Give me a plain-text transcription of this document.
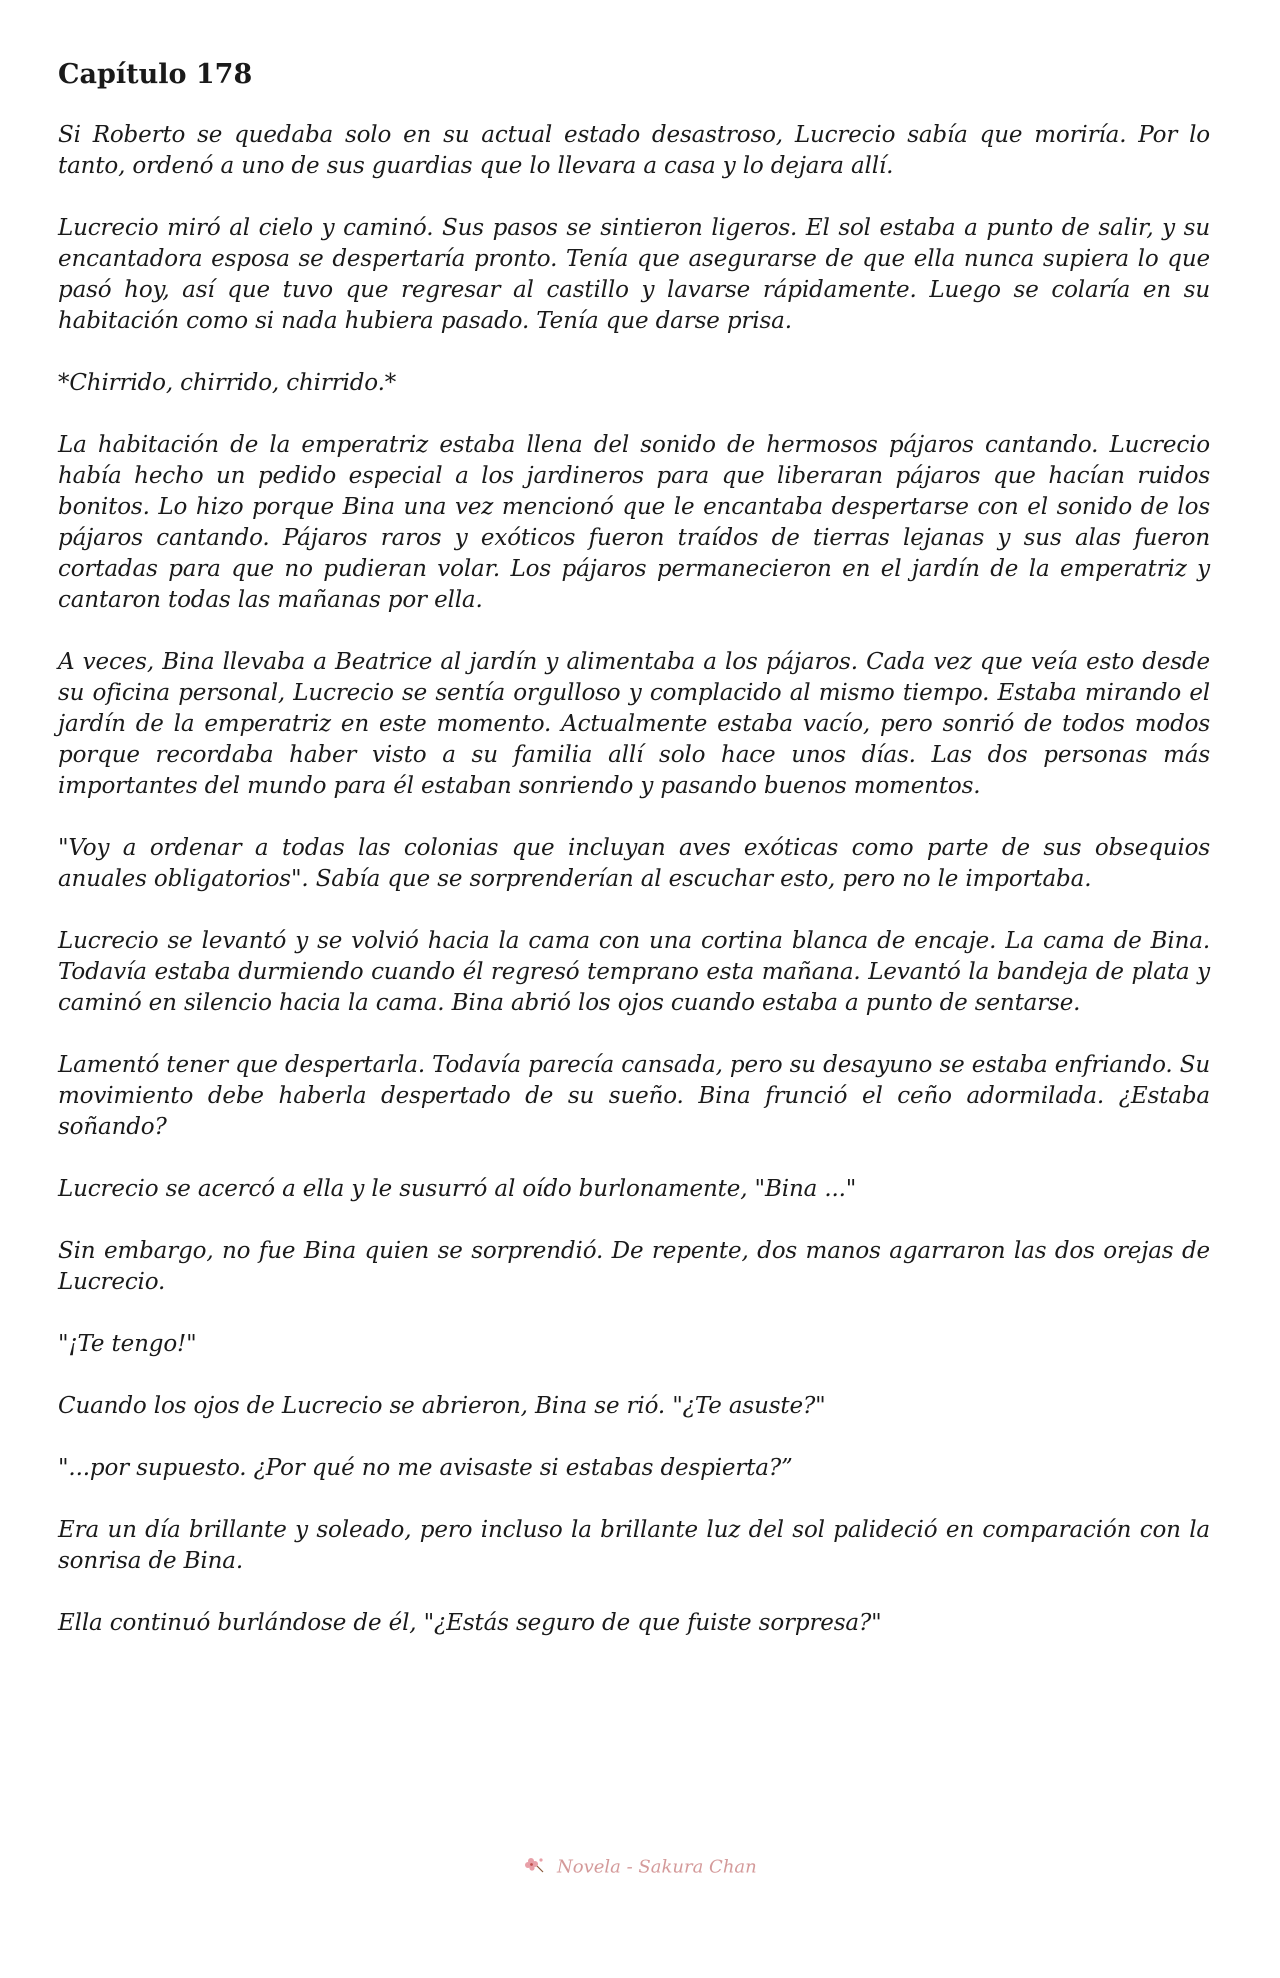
Capítulo 178

Si Roberto se quedaba solo en su actual estado desastroso, Lucrecio sabía que moriría. Por lo tanto, ordenó a uno de sus guardias que lo llevara a casa y lo dejara allí.

Lucrecio miró al cielo y caminó. Sus pasos se sintieron ligeros. El sol estaba a punto de salir, y su encantadora esposa se despertaría pronto. Tenía que asegurarse de que ella nunca supiera lo que pasó hoy, así que tuvo que regresar al castillo y lavarse rápidamente. Luego se colaría en su habitación como si nada hubiera pasado. Tenía que darse prisa.

*Chirrido, chirrido, chirrido.*

La habitación de la emperatriz estaba llena del sonido de hermosos pájaros cantando. Lucrecio había hecho un pedido especial a los jardineros para que liberaran pájaros que hacían ruidos bonitos. Lo hizo porque Bina una vez mencionó que le encantaba despertarse con el sonido de los pájaros cantando. Pájaros raros y exóticos fueron traídos de tierras lejanas y sus alas fueron cortadas para que no pudieran volar. Los pájaros permanecieron en el jardín de la emperatriz y cantaron todas las mañanas por ella.

A veces, Bina llevaba a Beatrice al jardín y alimentaba a los pájaros. Cada vez que veía esto desde su oficina personal, Lucrecio se sentía orgulloso y complacido al mismo tiempo. Estaba mirando el jardín de la emperatriz en este momento. Actualmente estaba vacío, pero sonrió de todos modos porque recordaba haber visto a su familia allí solo hace unos días. Las dos personas más importantes del mundo para él estaban sonriendo y pasando buenos momentos.

"Voy a ordenar a todas las colonias que incluyan aves exóticas como parte de sus obsequios anuales obligatorios". Sabía que se sorprenderían al escuchar esto, pero no le importaba.

Lucrecio se levantó y se volvió hacia la cama con una cortina blanca de encaje. La cama de Bina. Todavía estaba durmiendo cuando él regresó temprano esta mañana. Levantó la bandeja de plata y caminó en silencio hacia la cama. Bina abrió los ojos cuando estaba a punto de sentarse.

Lamentó tener que despertarla. Todavía parecía cansada, pero su desayuno se estaba enfriando. Su movimiento debe haberla despertado de su sueño. Bina frunció el ceño adormilada. ¿Estaba soñando?

Lucrecio se acercó a ella y le susurró al oído burlonamente, "Bina ..."

Sin embargo, no fue Bina quien se sorprendió. De repente, dos manos agarraron las dos orejas de Lucrecio.

"¡Te tengo!"

Cuando los ojos de Lucrecio se abrieron, Bina se rió. "¿Te asuste?"

"...por supuesto. ¿Por qué no me avisaste si estabas despierta?”

Era un día brillante y soleado, pero incluso la brillante luz del sol palideció en comparación con la sonrisa de Bina.

Ella continuó burlándose de él, "¿Estás seguro de que fuiste sorpresa?"

Novela - Sakura Chan
